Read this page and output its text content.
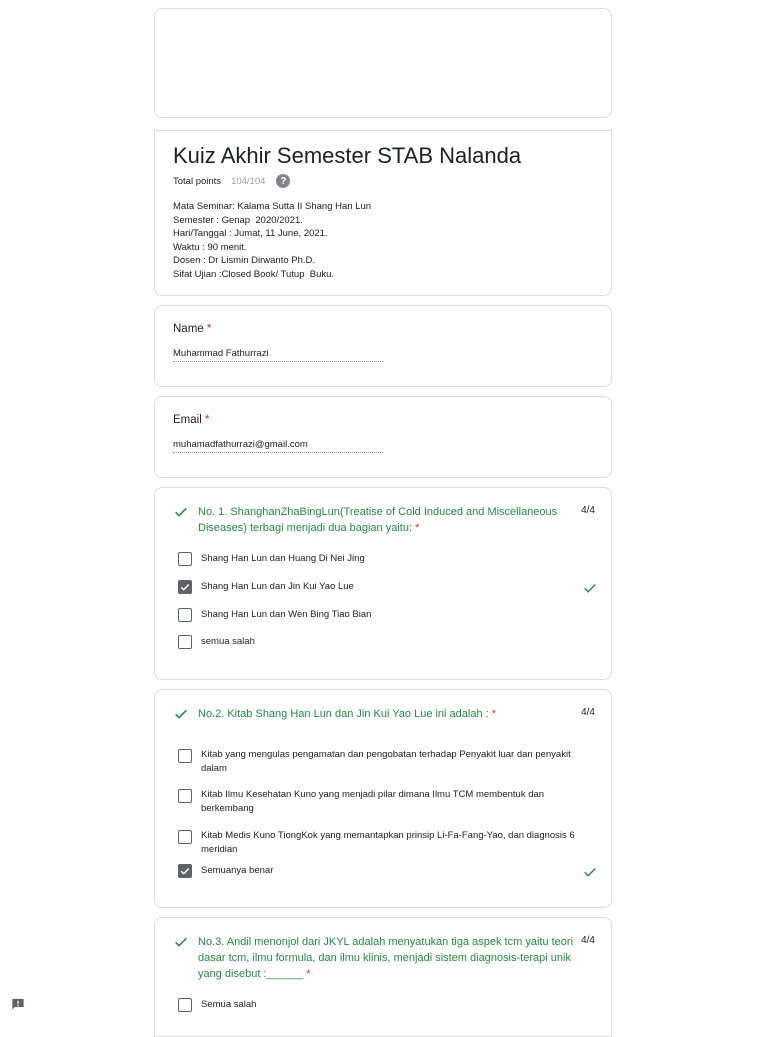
Kuiz Akhir Semester STAB Nalanda
Total points 104/104	?
Mata Seminar: Kalama Sutta II Shang Han Lun
Semester : Genap  2020/2021.
Hari/Tanggal : Jumat, 11 June, 2021.
Waktu : 90 menit.
Dosen : Dr Lismin Dirwanto Ph.D.
Sifat Ujian :Closed Book/ Tutup  Buku.
Name *
Muhammad Fathurrazi
Email *
muhamadfathurrazi@gmail.com
No. 1. ShanghanZhaBingLun(Treatise of Cold Induced and Miscellaneous Diseases) terbagi menjadi dua bagian yaitu: *
4/4
Shang Han Lun dan Huang Di Nei Jing
Shang Han Lun dan Jin Kui Yao Lue
Shang Han Lun dan Wen Bing Tiao Bian
semua salah
No.2. Kitab Shang Han Lun dan Jin Kui Yao Lue ini adalah : *	4/4
Kitab yang mengulas pengamatan dan pengobatan terhadap Penyakit luar dan penyakit dalam
Kitab Ilmu Kesehatan Kuno yang menjadi pilar dimana Ilmu TCM membentuk dan berkembang
Kitab Medis Kuno TiongKok yang memantapkan prinsip Li-Fa-Fang-Yao, dan diagnosis 6 meridian
Semuanya benar
No.3. Andil menonjol dari JKYL adalah menyatukan tiga aspek tcm yaitu teori dasar tcm, ilmu formula, dan ilmu klinis, menjadi sistem diagnosis-terapi unik yang disebut :______ *
4/4
Semua salah
